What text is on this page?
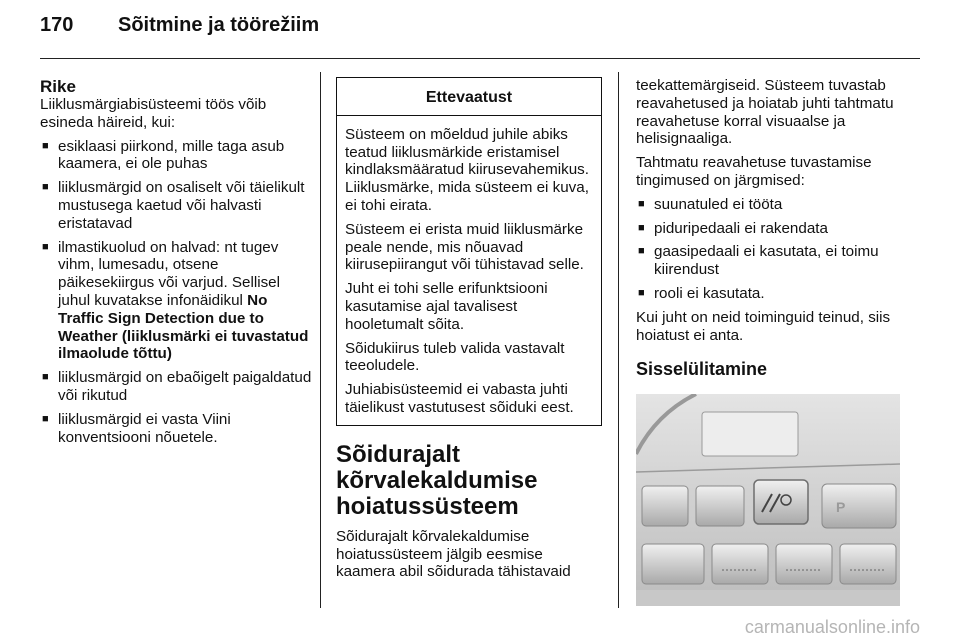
170 Sõitmine ja töörežiim
Rike

Liiklusmärgiabisüsteemi töös võib esineda häireid, kui:

■ esiklaasi piirkond, mille taga asub kaamera, ei ole puhas
■ liiklusmärgid on osaliselt või täielikult mustusega kaetud või halvasti eristatavad
■ ilmastikuolud on halvad: nt tugev vihm, lumesadu, otsene päikesekiirgus või varjud. Sellisel juhul kuvatakse infonäidikul No Traffic Sign Detection due to Weather (liiklusmärki ei tuvastatud ilmaolude tõttu)
■ liiklusmärgid on ebaõigelt paigaldatud või rikutud
■ liiklusmärgid ei vasta Viini konventsiooni nõuetele.
Ettevaatust

Süsteem on mõeldud juhile abiks teatud liiklusmärkide eristamisel kindlaksmääratud kiirusevahemikus. Liiklusmärke, mida süsteem ei kuva, ei tohi eirata.

Süsteem ei erista muid liiklusmärke peale nende, mis nõuavad kiirusepiirangut või tühistavad selle.

Juht ei tohi selle erifunktsiooni kasutamise ajal tavalisest hooletumalt sõita.

Sõidukiirus tuleb valida vastavalt teeoludele.

Juhiabisüsteemid ei vabasta juhti täielikust vastutusest sõiduki eest.

Sõidurajalt kõrvalekaldumise hoiatussüsteem

Sõidurajalt kõrvalekaldumise hoiatussüsteem jälgib eesmise kaamera abil sõidurada tähistavaid

teekattemärgiseid. Süsteem tuvastab reavahetused ja hoiatab juhti tahtmatu reavahetuse korral visuaalse ja helisignaaliga.

Tahtmatu reavahetuse tuvastamise tingimused on järgmised:

■ suunatuled ei tööta
■ piduripedaali ei rakendata
■ gaasipedaali ei kasutata, ei toimu kiirendust
■ rooli ei kasutata.

Kui juht on neid toiminguid teinud, siis hoiatust ei anta.

Sisselülitamine
P
carmanualsonline.info
